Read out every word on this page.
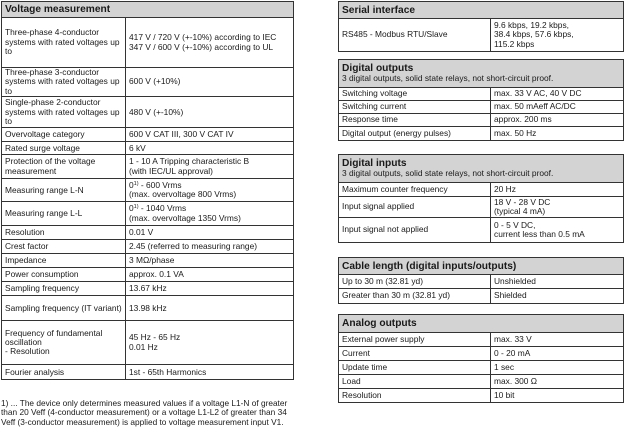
Voltage measurement	
Three-phase 4-conductor systems with rated voltages up to	417 V / 720 V (+-10%) according to IEC
347 V / 600 V (+-10%) according to UL
Three-phase 3-conductor systems with rated voltages up to	600 V (+10%)
Single-phase 2-conductor systems with rated voltages up to	480 V (+-10%)
Overvoltage category	600 V CAT III, 300 V CAT IV
Rated surge voltage	6 kV
Protection of the voltage measurement	1 - 10 A Tripping characteristic B
(with IEC/UL approval)
Measuring range L-N	0$^{1)}$ - 600 Vrms
(max. overvoltage 800 Vrms)
Measuring range L-L	0$^{1)}$ - 1040 Vrms
(max. overvoltage 1350 Vrms)
Resolution	0.01 V
Crest factor	2.45 (referred to measuring range)
Impedance	3 MΩ/phase
Power consumption	approx. 0.1 VA
Sampling frequency	13.67 kHz
Sampling frequency (IT variant)	13.98 kHz
Frequency of fundamental oscillation
- Resolution	45 Hz - 65 Hz
0.01 Hz
Fourier analysis	1st - 65th Harmonics
Serial interface
RS485 - Modbus RTU/Slave	9.6 kbps, 19.2 kbps,
38.4 kbps, 57.6 kbps,
115.2 kbps
Digital outputs
3 digital outputs, solid state relays, not short-circuit proof.	

Switching voltage	max. 33 V AC, 40 V DC
Switching current	max. 50 mAeff AC/DC
Response time	approx. 200 ms
Digital output (energy pulses)	max. 50 Hz
Digital inputs
3 digital outputs, solid state relays, not short-circuit proof.	

Maximum counter frequency	20 Hz
Input signal applied	18 V - 28 V DC
(typical 4 mA)
Input signal not applied	0 - 5 V DC,
current less than 0.5 mA
Cable length (digital inputs/outputs)	
Up to 30 m (32.81 yd)	Unshielded
Greater than 30 m (32.81 yd)	Shielded
Analog outputs	
External power supply	max. 33 V
Current	0 - 20 mA
Update time	1 sec
Load	max. 300 Ω
Resolution	10 bit
1) ... The device only determines measured values if a voltage L1-N of greater than 20 Veff (4-conductor measurement) or a voltage L1-L2 of greater than 34 Veff (3-conductor measurement) is applied to voltage measurement input V1.
